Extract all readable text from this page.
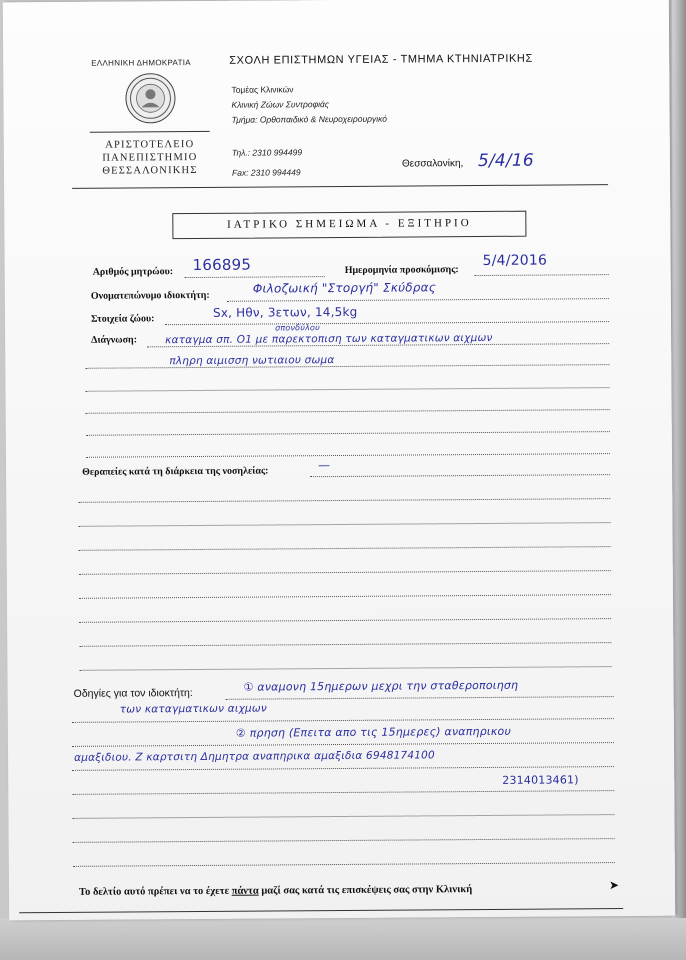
ΕΛΛΗΝΙΚΗ ΔΗΜΟΚΡΑΤΙΑ
ΑΡΙΣΤΟΤΕΛΕΙΟ
ΠΑΝΕΠΙΣΤΗΜΙΟ
ΘΕΣΣΑΛΟΝΙΚΗΣ
ΣΧΟΛΗ ΕΠΙΣΤΗΜΩΝ ΥΓΕΙΑΣ - ΤΜΗΜΑ ΚΤΗΝΙΑΤΡΙΚΗΣ
Τομέας Κλινικών
Κλινική Ζώων Συντροφιάς
Τμήμα: Ορθοπαιδικό & Νευροχειρουργικό
Τηλ.: 2310 994499
Fax: 2310 994449
Θεσσαλονίκη, 5/4/16
ΙΑΤΡΙΚΟ ΣΗΜΕΙΩΜΑ - ΕΞΙΤΗΡΙΟ
Αριθμός μητρώου: 166895	Ημερομηνία προσκόμισης:
5/4/2016
Ονοματεπώνυμο ιδιοκτήτη:
Φιλοζωική "Στοργή" Σκύδρας
Στοιχεία ζώου:	Sx, Ηθν, 3ετων, 14,5kg
Διάγνωση:
σπονδύλου
καταγμα σπ. Ο1 με παρεκτοπιση των καταγματικων αιχμων
πληρη αιμισση νωτιαιου σωμα
Θεραπείες κατά τη διάρκεια της νοσηλείας:	—
Οδηγίες για τον ιδιοκτήτη:	① αναμονη 15ημερων μεχρι την σταθεροποιηση
των καταγματικων αιχμων
② πρηση (Επειτα απο τις 15ημερες) αναπηρικου
αμαξιδιου. Ζ καρτσιτη Δημητρα αναπηρικα αμαξιδια 6948174100
2314013461)
Το δελτίο αυτό πρέπει να το έχετε πάντα μαζί σας κατά τις επισκέψεις σας στην Κλινική	➤
